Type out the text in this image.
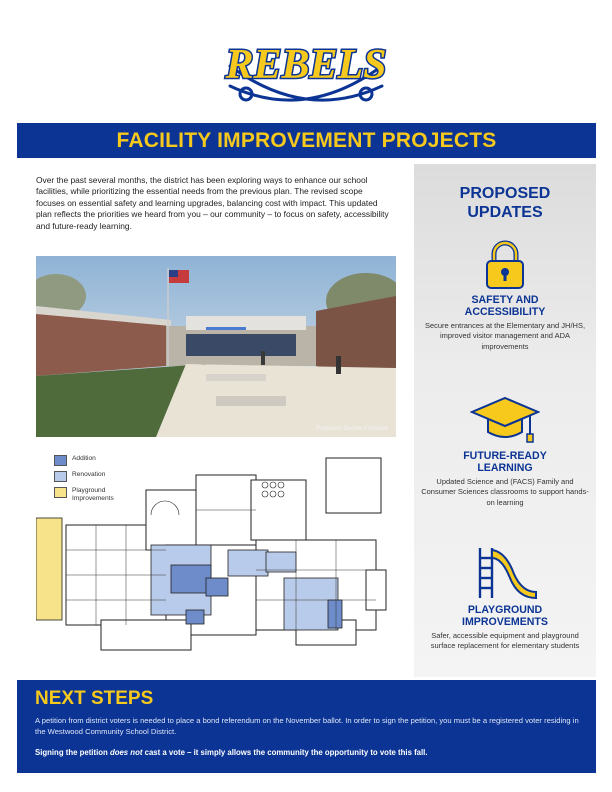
REBELS
FACILITY IMPROVEMENT PROJECTS

Over the past several months, the district has been exploring ways to enhance our school facilities, while prioritizing the essential needs from the previous plan. The revised scope focuses on essential safety and learning upgrades, balancing cost with impact. This updated plan reflects the priorities we heard from you – our community – to focus on safety, accessibility and future-ready learning.

Proposed Secure Entrance
Addition
Renovation
Playground Improvements
PROPOSED
UPDATES
SAFETY AND
ACCESSIBILITY

Secure entrances at the Elementary and JH/HS, improved visitor management and ADA improvements

FUTURE-READY
LEARNING

Updated Science and (FACS) Family and Consumer Sciences classrooms to support hands-on learning

PLAYGROUND
IMPROVEMENTS

Safer, accessible equipment and playground surface replacement for elementary students

NEXT STEPS

A petition from district voters is needed to place a bond referendum on the November ballot. In order to sign the petition, you must be a registered voter residing in the Westwood Community School District.

Signing the petition does not cast a vote – it simply allows the community the opportunity to vote this fall.
